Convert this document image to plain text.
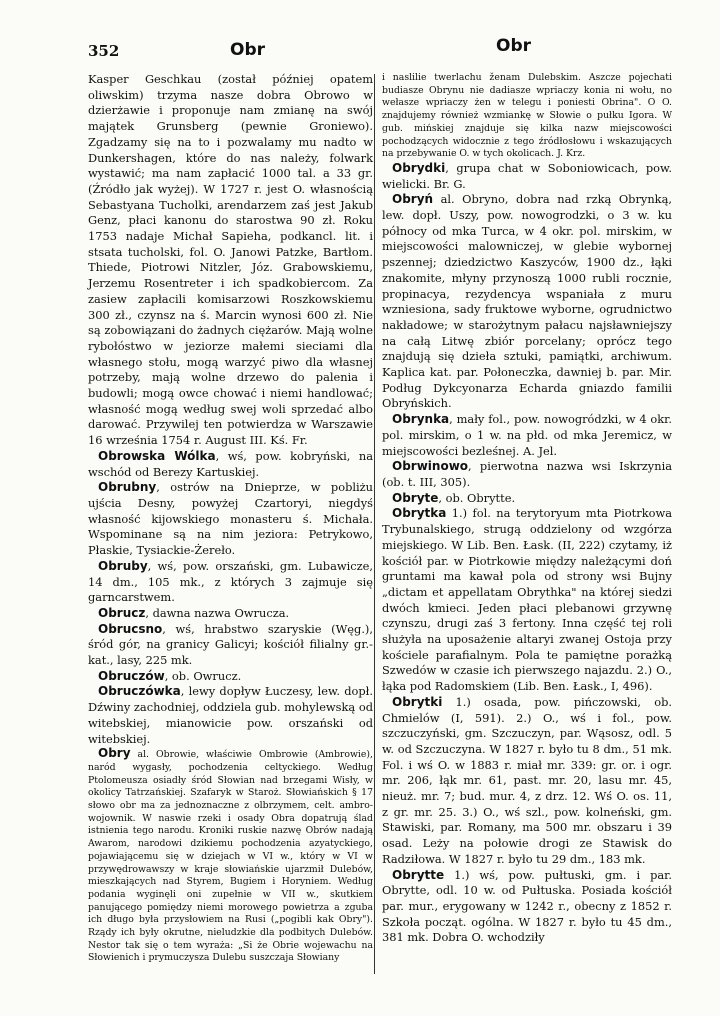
352	Obr	Obr

Kasper Geschkau (został później opatem oliwskim) trzyma nasze dobra Obrowo w dzierżawie i proponuje nam zmianę na swój majątek Grunsberg (pewnie Groniewo). Zgadzamy się na to i pozwalamy mu nadto w Dunkershagen, które do nas należy, folwark wystawić; ma nam zapłacić 1000 tal. a 33 gr. (Źródło jak wyżej). W 1727 r. jest O. własnością Sebastyana Tucholki, arendarzem zaś jest Jakub Genz, płaci kanonu do starostwa 90 zł. Roku 1753 nadaje Michał Sapieha, podkancl. lit. i stsata tucholski, fol. O. Janowi Patzke, Bartłom. Thiede, Piotrowi Nitzler, Józ. Grabowskiemu, Jerzemu Rosentreter i ich spadkobiercom. Za zasiew zapłacili komisarzowi Roszkowskiemu 300 zł., czynsz na ś. Marcin wynosi 600 zł. Nie są zobowiązani do żadnych ciężarów. Mają wolne rybołóstwo w jeziorze małemi sieciami dla własnego stołu, mogą warzyć piwo dla własnej potrzeby, mają wolne drzewo do palenia i budowli; mogą owce chować i niemi handlować; własność mogą według swej woli sprzedać albo darować. Przywilej ten potwierdza w Warszawie 16 września 1754 r. August III. Kś. Fr.

Obrowska Wólka, wś, pow. kobryński, na wschód od Berezy Kartuskiej.

Obrubny, ostrów na Dnieprze, w pobliżu ujścia Desny, powyżej Czartoryi, niegdyś własność kijowskiego monasteru ś. Michała. Wspominane są na nim jeziora: Petrykowo, Płaskie, Tysiackie-Żereło.

Obruby, wś, pow. orszański, gm. Lubawicze, 14 dm., 105 mk., z których 3 zajmuje się garncarstwem.

Obrucz, dawna nazwa Owrucza.

Obrucsno, wś, hrabstwo szaryskie (Węg.), śród gór, na granicy Galicyi; kościół filialny gr.-kat., lasy, 225 mk.

Obruczów, ob. Owrucz.

Obruczówka, lewy dopływ Łuczesy, lew. dopł. Dźwiny zachodniej, oddziela gub. mohylewską od witebskiej, mianowicie pow. orszański od witebskiej.

Obry al. Obrowie, właściwie Ombrowie (Ambrowie), naród wygasły, pochodzenia celtyckiego. Według Ptolomeusza osiadły śród Słowian nad brzegami Wisły, w okolicy Tatrzańskiej. Szafaryk w Staroż. Słowiańskich § 17 słowo obr ma za jednoznaczne z olbrzymem, celt. ambro-wojownik. W naswie rzeki i osady Obra dopatrują ślad istnienia tego narodu. Kroniki ruskie nazwę Obrów nadają Awarom, narodowi dzikiemu pochodzenia azyatyckiego, pojawiającemu się w dziejach w VI w., który w VI w przywędrowawszy w kraje słowiańskie ujarzmił Dulebów, mieszkających nad Styrem, Bugiem i Horyniem. Według podania wyginęli oni zupełnie w VII w., skutkiem panującego pomiędzy niemi morowego powietrza a zguba ich długo była przysłowiem na Rusi („pogibli kak Obry"). Rządy ich były okrutne, nieludzkie dla podbitych Dulebów. Nestor tak się o tem wyraża: „Si że Obrie wojewachu na Słowienich i prymuczysza Dulebu suszczaja Słowiany

i naslilie twerlachu ženam Dulebskim. Aszcze pojechati budiasze Obrynu nie dadiasze wpriaczy konia ni wołu, no wełasze wpriaczy żen w telegu i poniesti Obrina". O O. znajdujemy również wzmiankę w Słowie o pułku Igora. W gub. mińskiej znajduje się kilka nazw miejscowości pochodzących widocznie z tego źródłosłowu i wskazujących na przebywanie O. w tych okolicach. J. Krz.

Obrydki, grupa chat w Soboniowicach, pow. wielicki. Br. G.

Obryń al. Obryno, dobra nad rzką Obrynką, lew. dopł. Uszy, pow. nowogrodzki, o 3 w. ku północy od mka Turca, w 4 okr. pol. mirskim, w miejscowości malowniczej, w glebie wybornej pszennej; dziedzictwo Kaszyców, 1900 dz., łąki znakomite, młyny przynoszą 1000 rubli rocznie, propinacya, rezydencya wspaniała z muru wzniesiona, sady fruktowe wyborne, ogrudnictwo nakładowe; w starożytnym pałacu najsławniejszy na całą Litwę zbiór porcelany; oprócz tego znajdują się dzieła sztuki, pamiątki, archiwum. Kaplica kat. par. Połoneczka, dawniej b. par. Mir. Podług Dykcyonarza Echarda gniazdo familii Obryńskich.

Obrynka, mały fol., pow. nowogródzki, w 4 okr. pol. mirskim, o 1 w. na płd. od mka Jeremicz, w miejscowości bezleśnej. A. Jel.

Obrwinowo, pierwotna nazwa wsi Iskrzynia (ob. t. III, 305).

Obryte, ob. Obrytte.

Obrytka 1.) fol. na terytoryum mta Piotrkowa Trybunalskiego, strugą oddzielony od wzgórza miejskiego. W Lib. Ben. Łask. (II, 222) czytamy, iż kościół par. w Piotrkowie między należącymi doń gruntami ma kawał pola od strony wsi Bujny „dictam et appellatam Obrythka" na której siedzi dwóch kmieci. Jeden płaci plebanowi grzywnę czynszu, drugi zaś 3 fertony. Inna część tej roli służyła na uposażenie altaryi zwanej Ostoja przy kościele parafialnym. Pola te pamiętne porażką Szwedów w czasie ich pierwszego najazdu. 2.) O., łąka pod Radomskiem (Lib. Ben. Łask., I, 496).

Obrytki 1.) osada, pow. pińczowski, ob. Chmielów (I, 591). 2.) O., wś i fol., pow. szczuczyński, gm. Szczuczyn, par. Wąsosz, odl. 5 w. od Szczuczyna. W 1827 r. było tu 8 dm., 51 mk. Fol. i wś O. w 1883 r. miał mr. 339: gr. or. i ogr. mr. 206, łąk mr. 61, past. mr. 20, lasu mr. 45, nieuż. mr. 7; bud. mur. 4, z drz. 12. Wś O. os. 11, z gr. mr. 25. 3.) O., wś szl., pow. kolneński, gm. Stawiski, par. Romany, ma 500 mr. obszaru i 39 osad. Leży na połowie drogi ze Stawisk do Radziłowa. W 1827 r. było tu 29 dm., 183 mk.

Obrytte 1.) wś, pow. pułtuski, gm. i par. Obrytte, odl. 10 w. od Pułtuska. Posiada kościół par. mur., erygowany w 1242 r., obecny z 1852 r. Szkoła począt. ogólna. W 1827 r. było tu 45 dm., 381 mk. Dobra O. wchodziły
